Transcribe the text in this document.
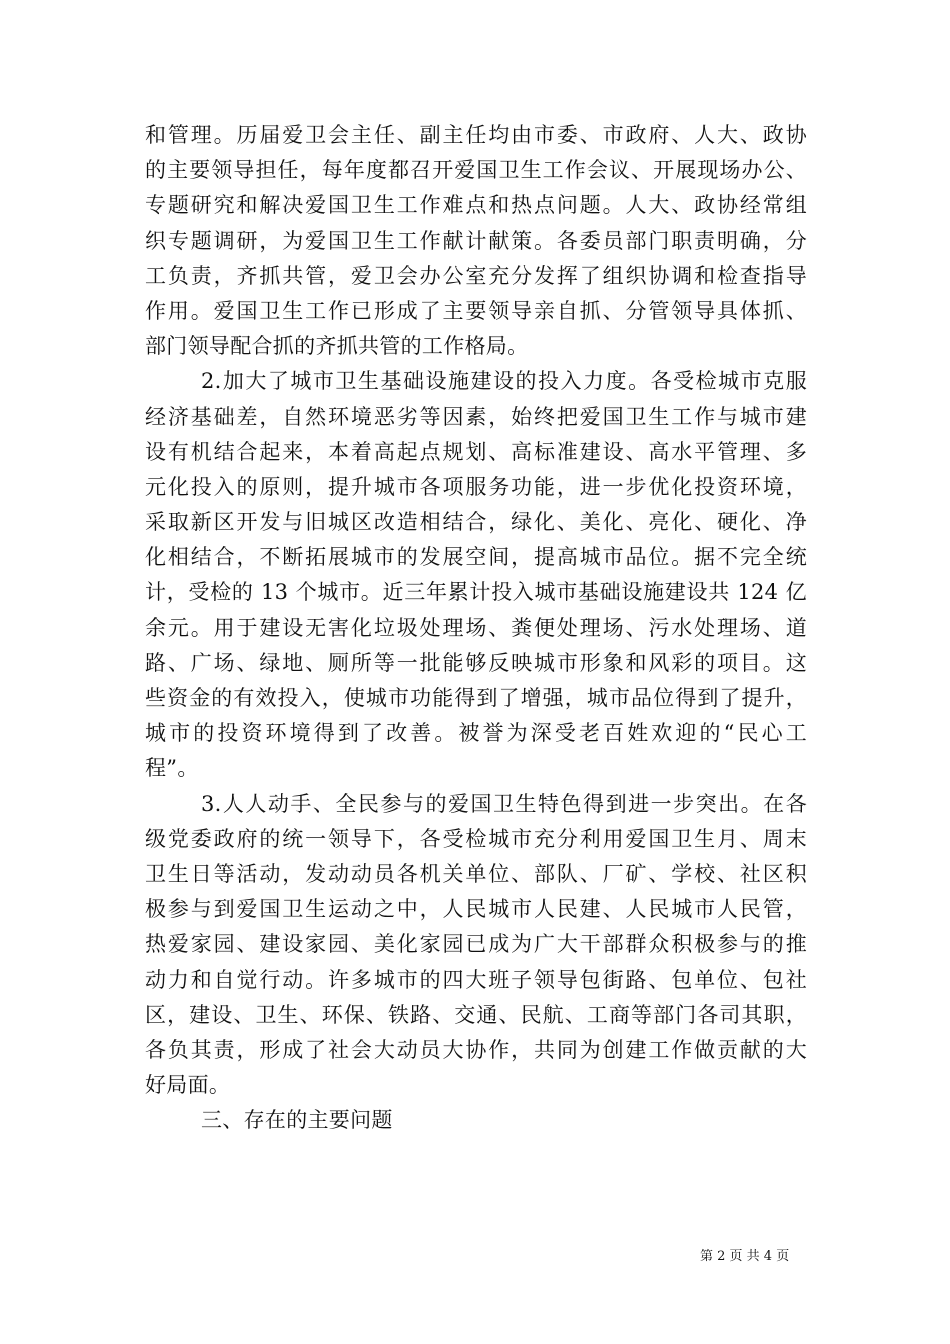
和管理。历届爱卫会主任、副主任均由市委、市政府、人大、政协
的主要领导担任，每年度都召开爱国卫生工作会议、开展现场办公、
专题研究和解决爱国卫生工作难点和热点问题。人大、政协经常组
织专题调研，为爱国卫生工作献计献策。各委员部门职责明确，分
工负责，齐抓共管，爱卫会办公室充分发挥了组织协调和检查指导
作用。爱国卫生工作已形成了主要领导亲自抓、分管领导具体抓、
部门领导配合抓的齐抓共管的工作格局。
2.加大了城市卫生基础设施建设的投入力度。各受检城市克服
经济基础差，自然环境恶劣等因素，始终把爱国卫生工作与城市建
设有机结合起来，本着高起点规划、高标准建设、高水平管理、多
元化投入的原则，提升城市各项服务功能，进一步优化投资环境，
采取新区开发与旧城区改造相结合，绿化、美化、亮化、硬化、净
化相结合，不断拓展城市的发展空间，提高城市品位。据不完全统
计，受检的 13 个城市。近三年累计投入城市基础设施建设共 124 亿
余元。用于建设无害化垃圾处理场、粪便处理场、污水处理场、道
路、广场、绿地、厕所等一批能够反映城市形象和风彩的项目。这
些资金的有效投入，使城市功能得到了增强，城市品位得到了提升，
城市的投资环境得到了改善。被誉为深受老百姓欢迎的“民心工
程”。
3.人人动手、全民参与的爱国卫生特色得到进一步突出。在各
级党委政府的统一领导下，各受检城市充分利用爱国卫生月、周末
卫生日等活动，发动动员各机关单位、部队、厂矿、学校、社区积
极参与到爱国卫生运动之中，人民城市人民建、人民城市人民管，
热爱家园、建设家园、美化家园已成为广大干部群众积极参与的推
动力和自觉行动。许多城市的四大班子领导包街路、包单位、包社
区，建设、卫生、环保、铁路、交通、民航、工商等部门各司其职，
各负其责，形成了社会大动员大协作，共同为创建工作做贡献的大
好局面。
三、存在的主要问题
第 2 页 共 4 页
